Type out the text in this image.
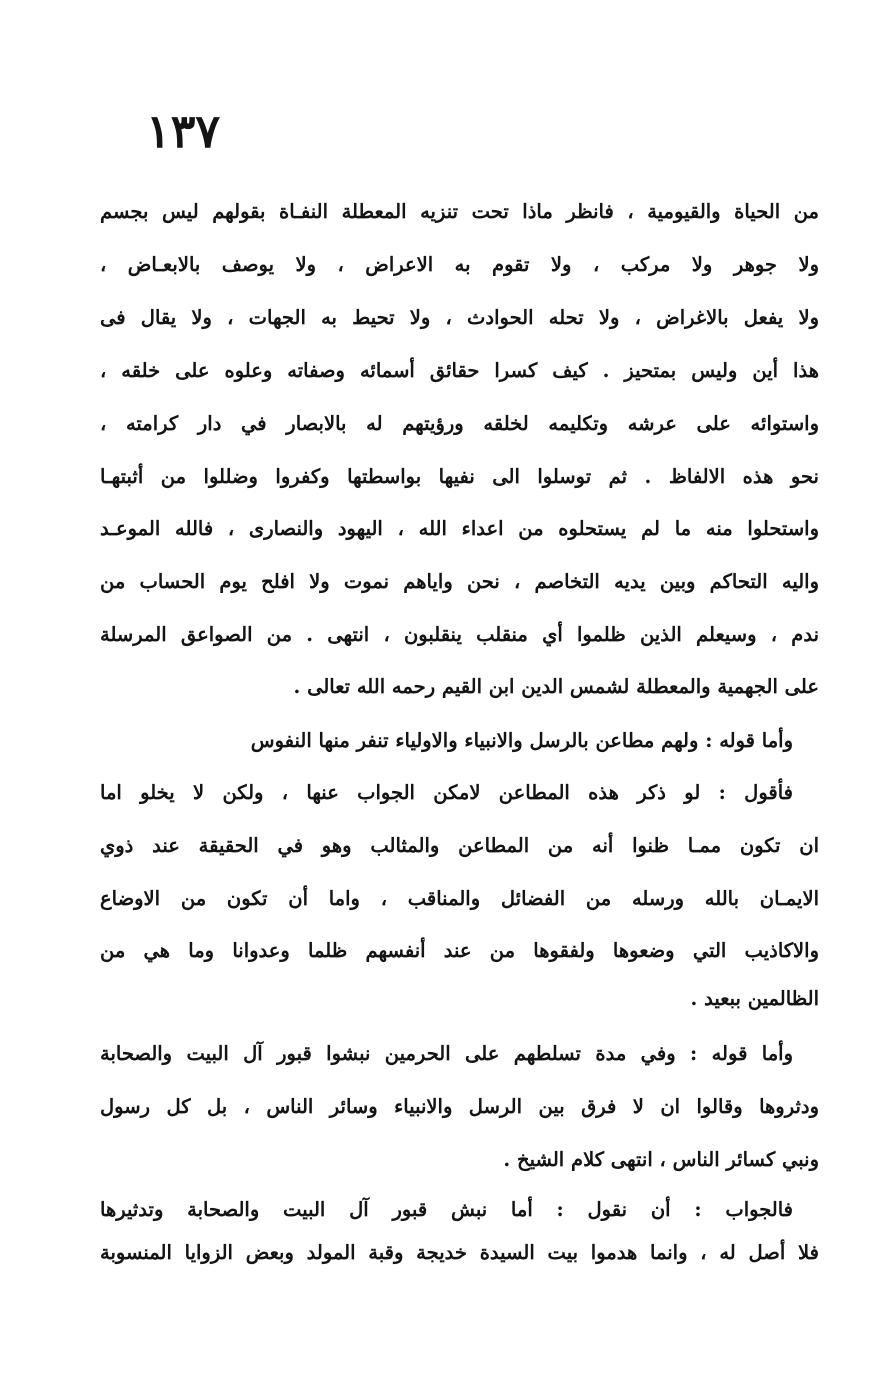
١٣٧
من الحياة والقيومية ، فانظر ماذا تحت تنزيه المعطلة النفـاة بقولهم ليس بجسم
ولا جوهر ولا مركب ، ولا تقوم به الاعراض ، ولا يوصف بالابعـاض ،
ولا يفعل بالاغراض ، ولا تحله الحوادث ، ولا تحيط به الجهات ، ولا يقال فى
هذا أين وليس بمتحيز . كيف كسرا حقائق أسمائه وصفاته وعلوه على خلقه ،
واستوائه على عرشه وتكليمه لخلقه ورؤيتهم له بالابصار في دار كرامته ،
نحو هذه الالفاظ . ثم توسلوا الى نفيها بواسطتها وكفروا وضللوا من أثبتهـا
واستحلوا منه ما لم يستحلوه من اعداء الله ، اليهود والنصارى ، فالله الموعـد
واليه التحاكم وبين يديه التخاصم ، نحن واياهم نموت ولا افلح يوم الحساب من
ندم ، وسيعلم الذين ظلموا أي منقلب ينقلبون ، انتهى . من الصواعق المرسلة
على الجهمية والمعطلة لشمس الدين ابن القيم رحمه الله تعالى .
وأما قوله : ولهم مطاعن بالرسل والانبياء والاولياء تنفر منها النفوس
فأقول : لو ذكر هذه المطاعن لامكن الجواب عنها ، ولكن لا يخلو اما
ان تكون ممـا ظنوا أنه من المطاعن والمثالب وهو في الحقيقة عند ذوي
الايمـان بالله ورسله من الفضائل والمناقب ، واما أن تكون من الاوضاع
والاكاذيب التي وضعوها ولفقوها من عند أنفسهم ظلما وعدوانا وما هي من
الظالمين ببعيد .
وأما قوله : وفي مدة تسلطهم على الحرمين نبشوا قبور آل البيت والصحابة
ودثروها وقالوا ان لا فرق بين الرسل والانبياء وسائر الناس ، بل كل رسول
ونبي كسائر الناس ، انتهى كلام الشيخ .
فالجواب : أن نقول : أما نبش قبور آل البيت والصحابة وتدثيرها
فلا أصل له ، وانما هدموا بيت السيدة خديجة وقبة المولد وبعض الزوايا المنسوبة
